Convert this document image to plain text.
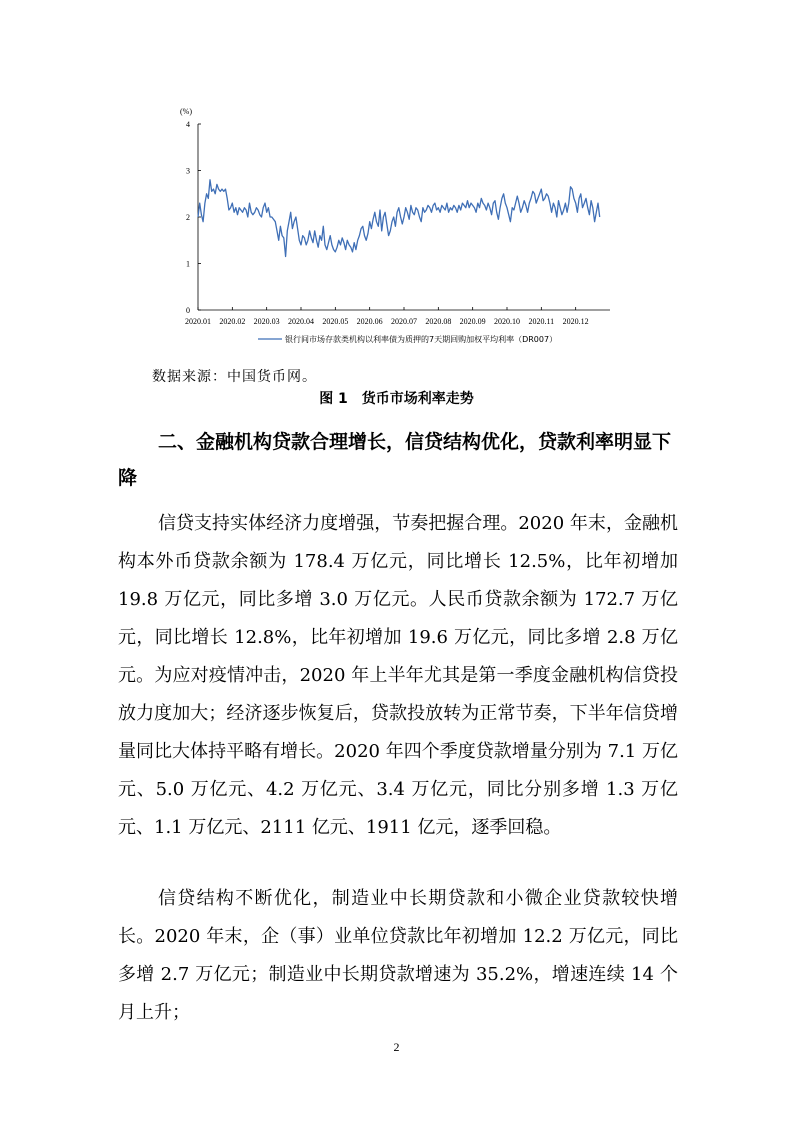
(%)
4
3
2
1
0
2020.01 2020.02 2020.03 2020.04 2020.05 2020.06 2020.07 2020.08 2020.09 2020.10 2020.11 2020.12
银行间市场存款类机构以利率债为质押的7天期回购加权平均利率（DR007）
数据来源：中国货币网。
图 1　货币市场利率走势
二、金融机构贷款合理增长，信贷结构优化，贷款利率明显下降
信贷支持实体经济力度增强，节奏把握合理。2020 年末，金融机构本外币贷款余额为 178.4 万亿元，同比增长 12.5%，比年初增加 19.8 万亿元，同比多增 3.0 万亿元。人民币贷款余额为 172.7 万亿元，同比增长 12.8%，比年初增加 19.6 万亿元，同比多增 2.8 万亿元。为应对疫情冲击，2020 年上半年尤其是第一季度金融机构信贷投放力度加大；经济逐步恢复后，贷款投放转为正常节奏，下半年信贷增量同比大体持平略有增长。2020 年四个季度贷款增量分别为 7.1 万亿元、5.0 万亿元、4.2 万亿元、3.4 万亿元，同比分别多增 1.3 万亿元、1.1 万亿元、2111 亿元、1911 亿元，逐季回稳。
信贷结构不断优化，制造业中长期贷款和小微企业贷款较快增长。2020 年末，企（事）业单位贷款比年初增加 12.2 万亿元，同比多增 2.7 万亿元；制造业中长期贷款增速为 35.2%，增速连续 14 个月上升；
2
